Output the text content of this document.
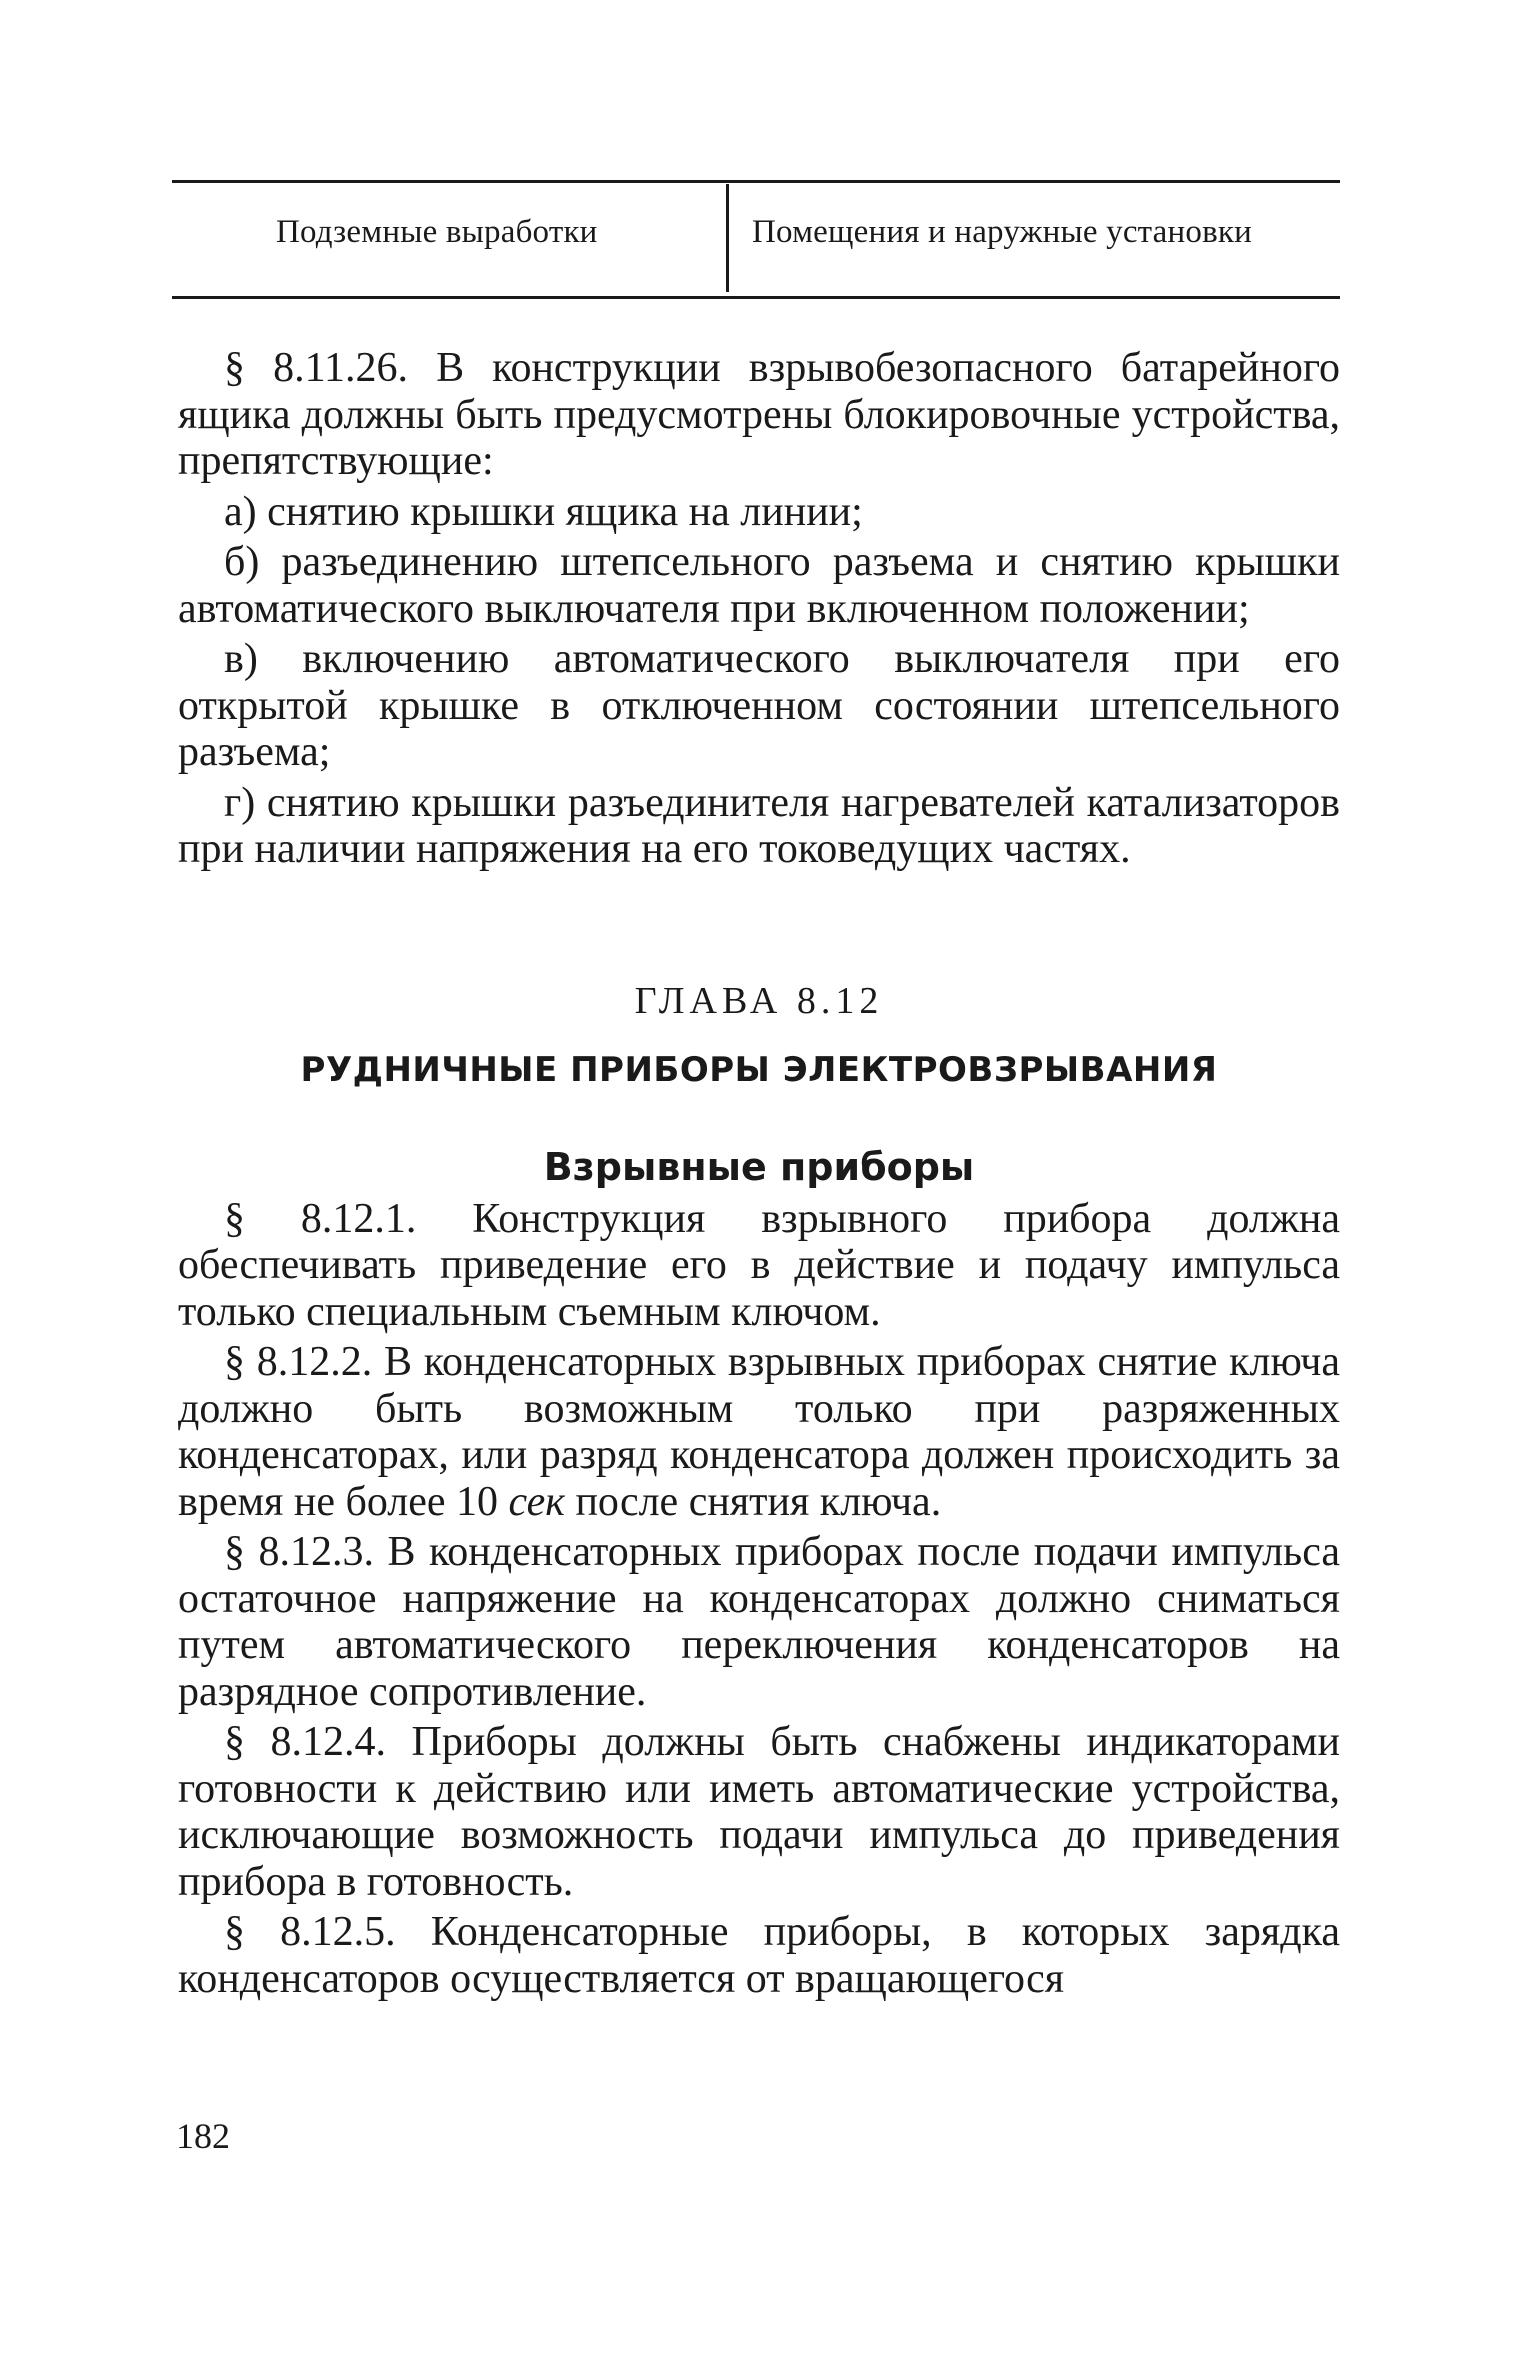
Подземные выработки	Помещения и наружные установки

§ 8.11.26. В конструкции взрывобезопасного батарейного ящика должны быть предусмотрены блокировочные устройства, препятствующие:

а) снятию крышки ящика на линии;

б) разъединению штепсельного разъема и снятию крышки автоматического выключателя при включенном положении;

в) включению автоматического выключателя при его открытой крышке в отключенном состоянии штепсельного разъема;

г) снятию крышки разъединителя нагревателей катализаторов при наличии напряжения на его токоведущих частях.

ГЛАВА 8.12

РУДНИЧНЫЕ ПРИБОРЫ ЭЛЕКТРОВЗРЫВАНИЯ

Взрывные приборы

§ 8.12.1. Конструкция взрывного прибора должна обеспечивать приведение его в действие и подачу импульса только специальным съемным ключом.

§ 8.12.2. В конденсаторных взрывных приборах снятие ключа должно быть возможным только при разряженных конденсаторах, или разряд конденсатора должен происходить за время не более 10 сек после снятия ключа.

§ 8.12.3. В конденсаторных приборах после подачи импульса остаточное напряжение на конденсаторах должно сниматься путем автоматического переключения конденсаторов на разрядное сопротивление.

§ 8.12.4. Приборы должны быть снабжены индикаторами готовности к действию или иметь автоматические устройства, исключающие возможность подачи импульса до приведения прибора в готовность.

§ 8.12.5. Конденсаторные приборы, в которых зарядка конденсаторов осуществляется от вращающегося

182
